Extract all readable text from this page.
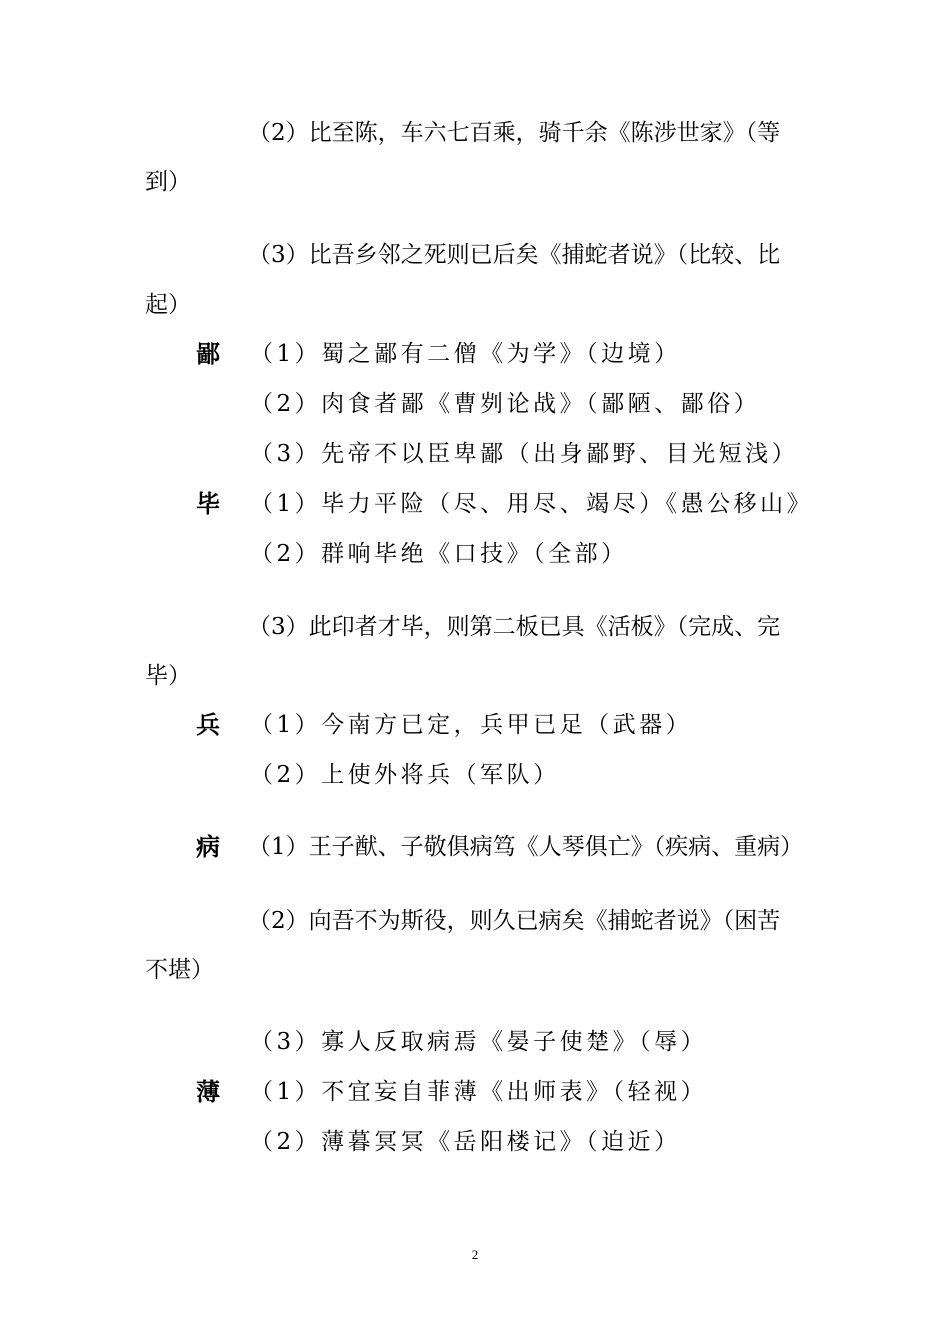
（2）比至陈，车六七百乘，骑千余《陈涉世家》（等
到）
（3）比吾乡邻之死则已后矣《捕蛇者说》（比较、比
起）
鄙 （1）蜀之鄙有二僧《为学》（边境）
（2）肉食者鄙《曹刿论战》（鄙陋、鄙俗）
（3）先帝不以臣卑鄙（出身鄙野、目光短浅）
毕 （1）毕力平险（尽、用尽、竭尽）《愚公移山》
（2）群响毕绝《口技》（全部）
（3）此印者才毕，则第二板已具《活板》（完成、完
毕）
兵 （1）今南方已定，兵甲已足（武器）
（2）上使外将兵（军队）
病 （1）王子猷、子敬俱病笃《人琴俱亡》（疾病、重病）
（2）向吾不为斯役，则久已病矣《捕蛇者说》（困苦
不堪）
（3）寡人反取病焉《晏子使楚》（辱）
薄 （1）不宜妄自菲薄《出师表》（轻视）
（2）薄暮冥冥《岳阳楼记》（迫近）
2
